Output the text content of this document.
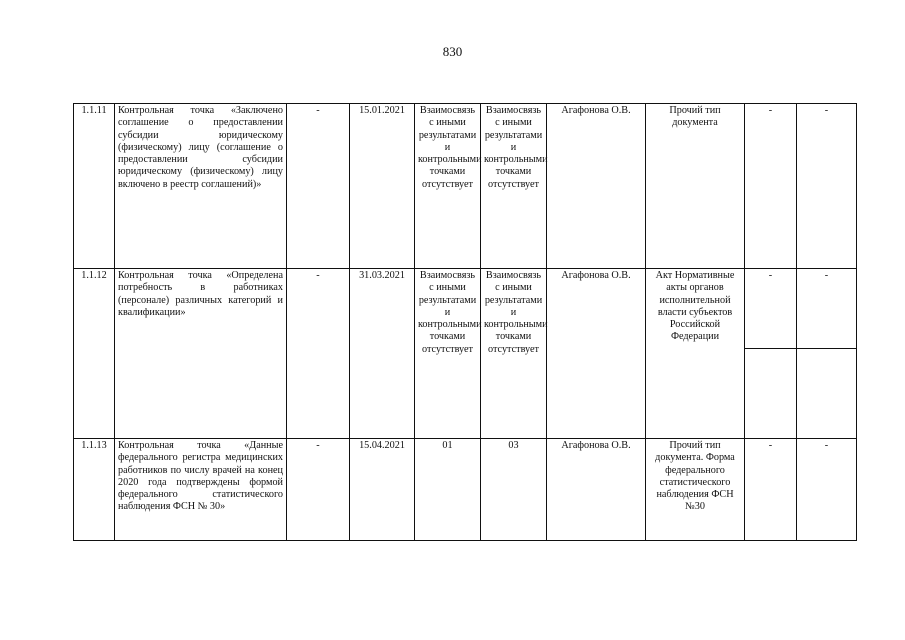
830
1.1.11	Контрольная точка «Заключено соглашение о предоставлении субсидии юридическому (физическому) лицу (соглашение о предоставлении субсидии юридическому (физическому) лицу включено в реестр соглашений)»	-	15.01.2021	Взаимосвязь с иными результатами и контрольными точками отсутствует	Взаимосвязь с иными результатами и контрольными точками отсутствует	Агафонова О.В.	Прочий тип документа	-	-
1.1.12	Контрольная точка «Определена потребность в работниках (персонале) различных категорий и квалификации»	-	31.03.2021	Взаимосвязь с иными результатами и контрольными точками отсутствует	Взаимосвязь с иными результатами и контрольными точками отсутствует	Агафонова О.В.	Акт Нормативные акты органов исполнительной власти субъектов Российской Федерации	-	-

1.1.13	Контрольная точка «Данные федерального регистра медицинских работников по числу врачей на конец 2020 года подтверждены формой федерального статистического наблюдения ФСН № 30»	-	15.04.2021	01	03	Агафонова О.В.	Прочий тип документа. Форма федерального статистического наблюдения ФСН №30	-	-
